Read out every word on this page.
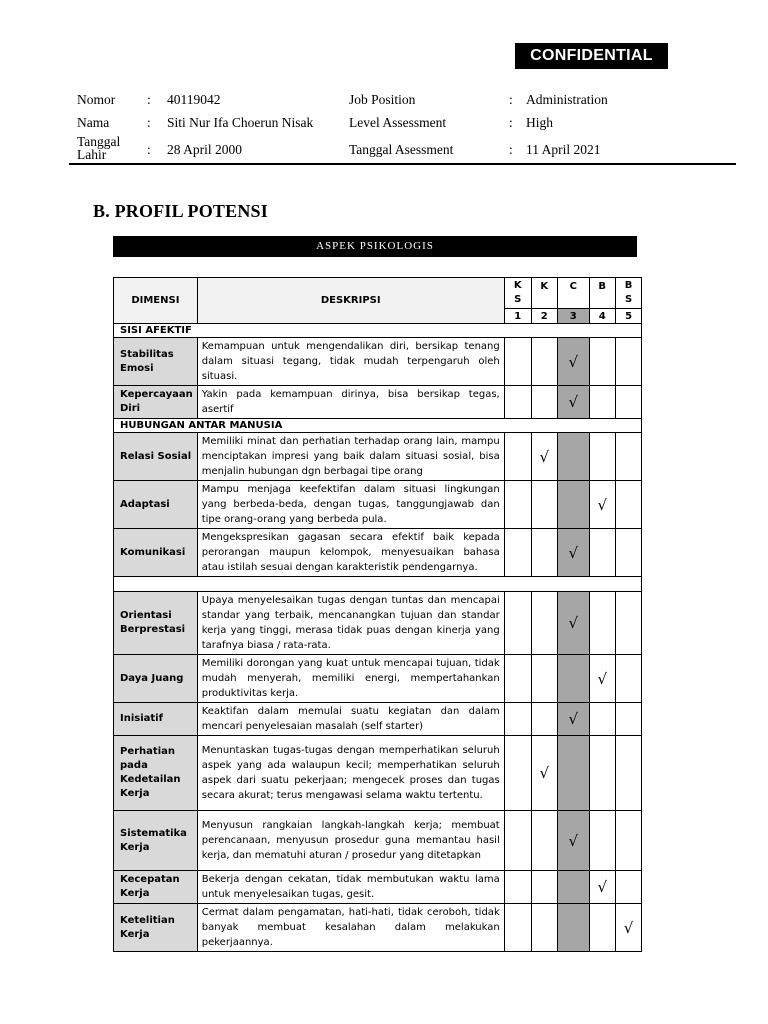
CONFIDENTIAL
Nomor : 40119042
Nama	: Siti Nur Ifa Choerun Nisak
Tanggal Lahir	: 28 April 2000
Job Position	: Administration
Level Assessment	: High
Tanggal Asessment	: 11 April 2021
B. PROFIL POTENSI
ASPEK PSIKOLOGIS
DIMENSI	DESKRIPSI	K S	K	C	B	B S
		1	2	3	4	5
SISI AFEKTIF						
Stabilitas Emosi	Kemampuan untuk mengendalikan diri, bersikap tenang dalam situasi tegang, tidak mudah terpengaruh oleh situasi.			√		
Kepercayaan Diri	Yakin pada kemampuan dirinya, bisa bersikap tegas, asertif			√		
HUBUNGAN ANTAR MANUSIA						
Relasi Sosial	Memiliki minat dan perhatian terhadap orang lain, mampu menciptakan impresi yang baik dalam situasi sosial, bisa menjalin hubungan dgn berbagai tipe orang		√			
Adaptasi	Mampu menjaga keefektifan dalam situasi lingkungan yang berbeda-beda, dengan tugas, tanggungjawab dan tipe orang-orang yang berbeda pula.				√	
Komunikasi	Mengekspresikan gagasan secara efektif baik kepada perorangan maupun kelompok, menyesuaikan bahasa atau istilah sesuai dengan karakteristik pendengarnya.			√		

Orientasi Berprestasi	Upaya menyelesaikan tugas dengan tuntas dan mencapai standar yang terbaik, mencanangkan tujuan dan standar kerja yang tinggi, merasa tidak puas dengan kinerja yang tarafnya biasa / rata-rata.			√		
Daya Juang	Memiliki dorongan yang kuat untuk mencapai tujuan, tidak mudah menyerah, memiliki energi, mempertahankan produktivitas kerja.				√	
Inisiatif	Keaktifan dalam memulai suatu kegiatan dan dalam mencari penyelesaian masalah (self starter)			√		
Perhatian pada Kedetailan Kerja	Menuntaskan tugas-tugas dengan memperhatikan seluruh aspek yang ada walaupun kecil; memperhatikan seluruh aspek dari suatu pekerjaan; mengecek proses dan tugas secara akurat; terus mengawasi selama waktu tertentu.		√			
Sistematika Kerja	Menyusun rangkaian langkah-langkah kerja; membuat perencanaan, menyusun prosedur guna memantau hasil kerja, dan mematuhi aturan / prosedur yang ditetapkan			√		
Kecepatan Kerja	Bekerja dengan cekatan, tidak membutukan waktu lama untuk menyelesaikan tugas, gesit.				√	
Ketelitian Kerja	Cermat dalam pengamatan, hati-hati, tidak ceroboh, tidak banyak membuat kesalahan dalam melakukan pekerjaannya.					√
